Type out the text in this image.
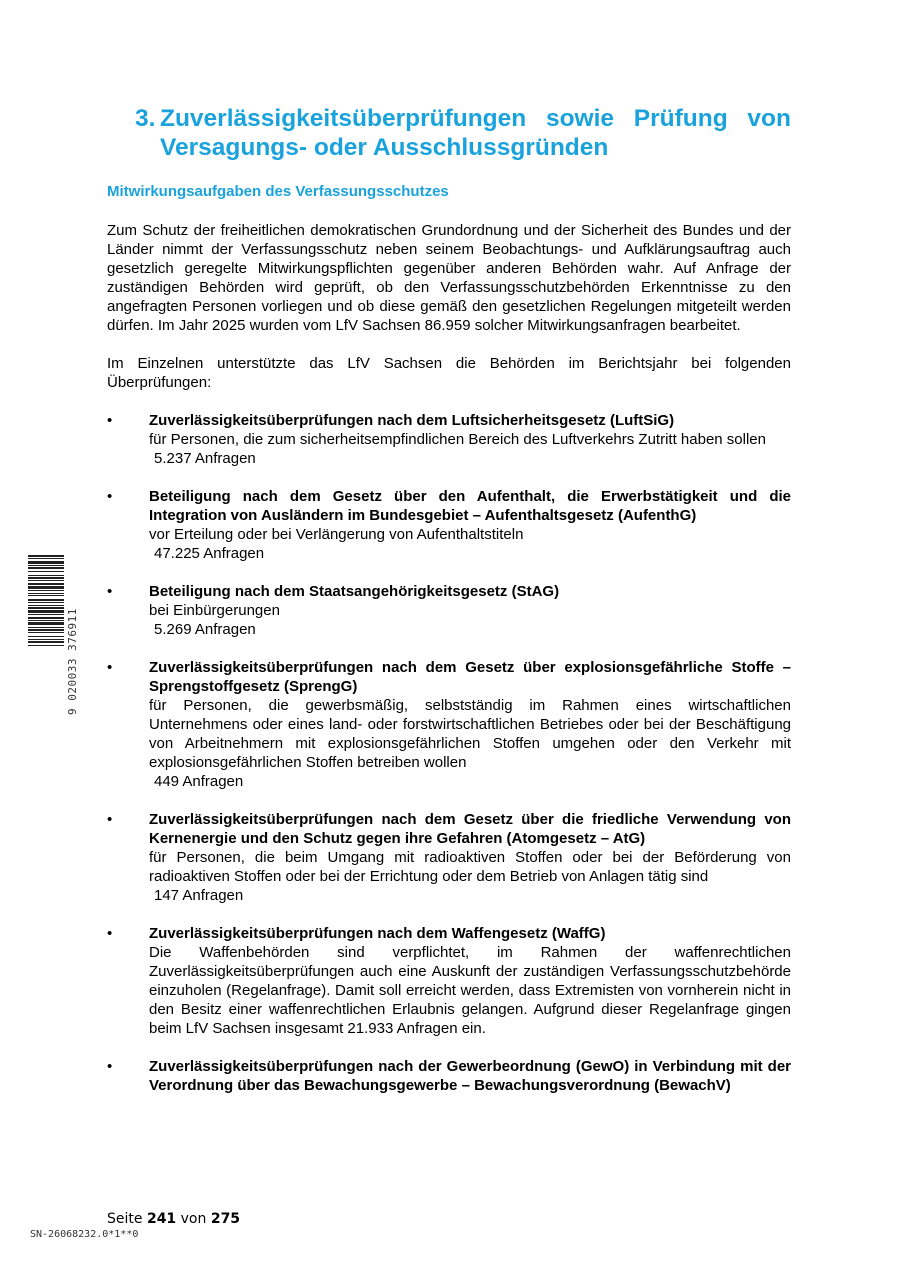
3. Zuverlässigkeitsüberprüfungen sowie Prüfung von Versagungs- oder Ausschlussgründen
Mitwirkungsaufgaben des Verfassungsschutzes

Zum Schutz der freiheitlichen demokratischen Grundordnung und der Sicherheit des Bundes und der Länder nimmt der Verfassungsschutz neben seinem Beobachtungs- und Aufklärungsauftrag auch gesetzlich geregelte Mitwirkungspflichten gegenüber anderen Behörden wahr. Auf Anfrage der zuständigen Behörden wird geprüft, ob den Verfassungsschutzbehörden Erkenntnisse zu den angefragten Personen vorliegen und ob diese gemäß den gesetzlichen Regelungen mitgeteilt werden dürfen. Im Jahr 2025 wurden vom LfV Sachsen 86.959 solcher Mitwirkungsanfragen bearbeitet.

Im Einzelnen unterstützte das LfV Sachsen die Behörden im Berichtsjahr bei folgenden Überprüfungen:

• Zuverlässigkeitsüberprüfungen nach dem Luftsicherheitsgesetz (LuftSiG)
für Personen, die zum sicherheitsempfindlichen Bereich des Luftverkehrs Zutritt haben sollen
5.237 Anfragen
• Beteiligung nach dem Gesetz über den Aufenthalt, die Erwerbstätigkeit und die Integration von Ausländern im Bundesgebiet – Aufenthaltsgesetz (AufenthG)
vor Erteilung oder bei Verlängerung von Aufenthaltstiteln
47.225 Anfragen
• Beteiligung nach dem Staatsangehörigkeitsgesetz (StAG)
bei Einbürgerungen
5.269 Anfragen
• Zuverlässigkeitsüberprüfungen nach dem Gesetz über explosionsgefährliche Stoffe – Sprengstoffgesetz (SprengG)
für Personen, die gewerbsmäßig, selbstständig im Rahmen eines wirtschaftlichen Unternehmens oder eines land- oder forstwirtschaftlichen Betriebes oder bei der Beschäftigung von Arbeitnehmern mit explosionsgefährlichen Stoffen umgehen oder den Verkehr mit explosionsgefährlichen Stoffen betreiben wollen
449 Anfragen
• Zuverlässigkeitsüberprüfungen nach dem Gesetz über die friedliche Verwendung von Kernenergie und den Schutz gegen ihre Gefahren (Atomgesetz – AtG)
für Personen, die beim Umgang mit radioaktiven Stoffen oder bei der Beförderung von radioaktiven Stoffen oder bei der Errichtung oder dem Betrieb von Anlagen tätig sind
147 Anfragen
• Zuverlässigkeitsüberprüfungen nach dem Waffengesetz (WaffG)
Die Waffenbehörden sind verpflichtet, im Rahmen der waffenrechtlichen Zuverlässigkeitsüberprüfungen auch eine Auskunft der zuständigen Verfassungsschutzbehörde einzuholen (Regelanfrage). Damit soll erreicht werden, dass Extremisten von vornherein nicht in den Besitz einer waffenrechtlichen Erlaubnis gelangen. Aufgrund dieser Regelanfrage gingen beim LfV Sachsen insgesamt 21.933 Anfragen ein.
• Zuverlässigkeitsüberprüfungen nach der Gewerbeordnung (GewO) in Verbindung mit der Verordnung über das Bewachungsgewerbe – Bewachungsverordnung (BewachV)
9 020033 376911
Seite 241 von 275
SN-26068232.0*1**0
